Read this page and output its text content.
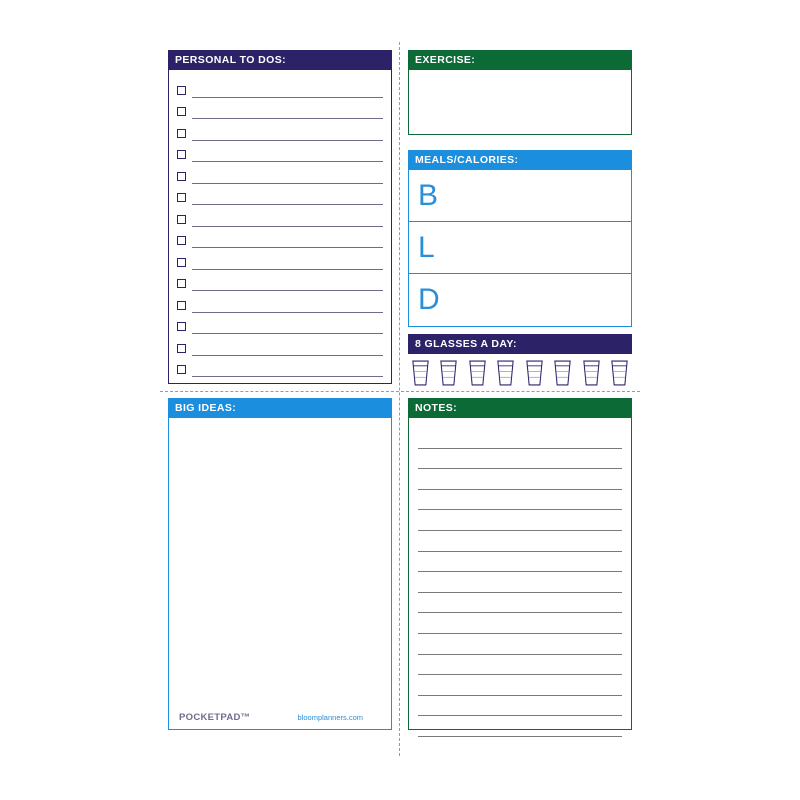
PERSONAL TO DOS:	EXERCISE:
MEALS/CALORIES:
B
L
D
8 GLASSES A DAY:
BIG IDEAS:
POCKETPAD™	bloomplanners.com
NOTES:
